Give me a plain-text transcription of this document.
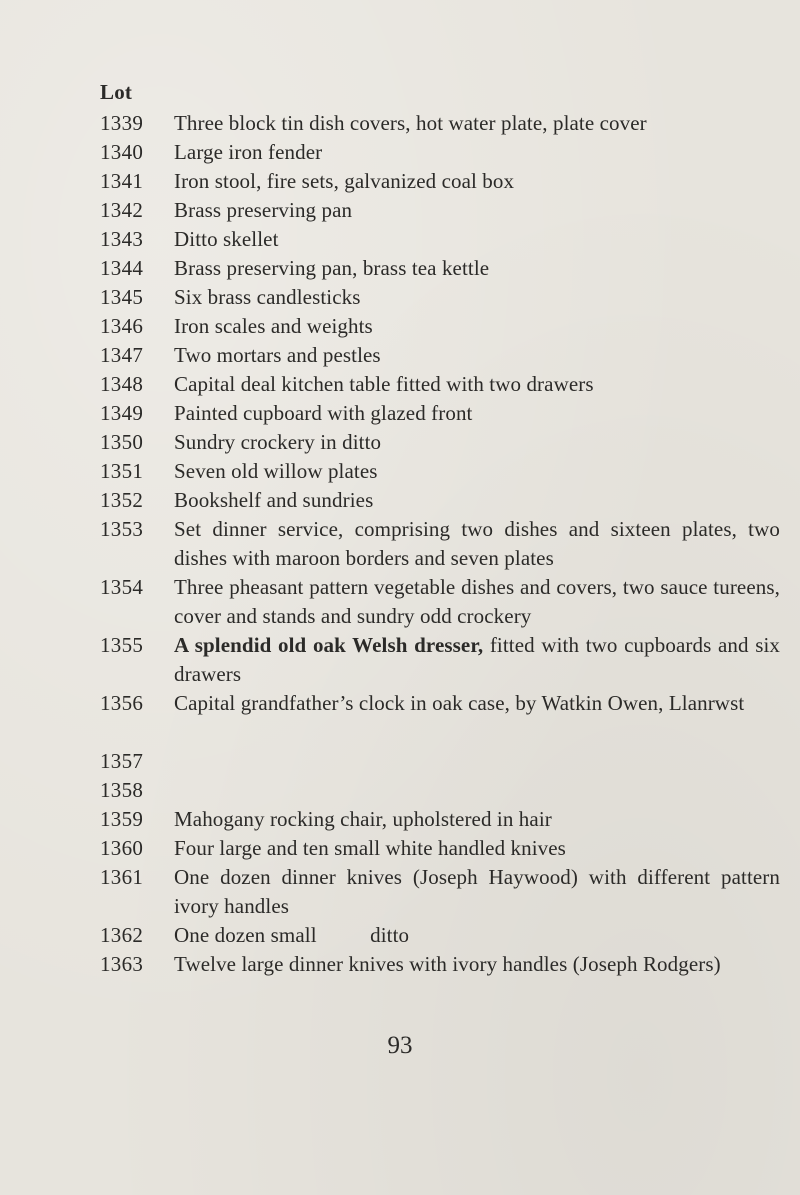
Lot
1339	Three block tin dish covers, hot water plate, plate cover
1340	Large iron fender
1341	Iron stool, fire sets, galvanized coal box
1342	Brass preserving pan
1343	Ditto skellet
1344	Brass preserving pan, brass tea kettle
1345	Six brass candlesticks
1346	Iron scales and weights
1347	Two mortars and pestles
1348	Capital deal kitchen table fitted with two drawers
1349	Painted cupboard with glazed front
1350	Sundry crockery in ditto
1351	Seven old willow plates
1352	Bookshelf and sundries
1353	Set dinner service, comprising two dishes and sixteen plates, two dishes with maroon borders and seven plates
1354	Three pheasant pattern vegetable dishes and covers, two sauce tureens, cover and stands and sundry odd crockery
1355	A splendid old oak Welsh dresser, fitted with two cupboards and six drawers
1356	Capital grandfather’s clock in oak case, by Watkin Owen, Llanrwst
1357
1358
1359	Mahogany rocking chair, upholstered in hair
1360	Four large and ten small white handled knives
1361	One dozen dinner knives (Joseph Haywood) with different pattern ivory handles
1362	One dozen small          ditto
1363	Twelve large dinner knives with ivory handles (Joseph Rodgers)
93
